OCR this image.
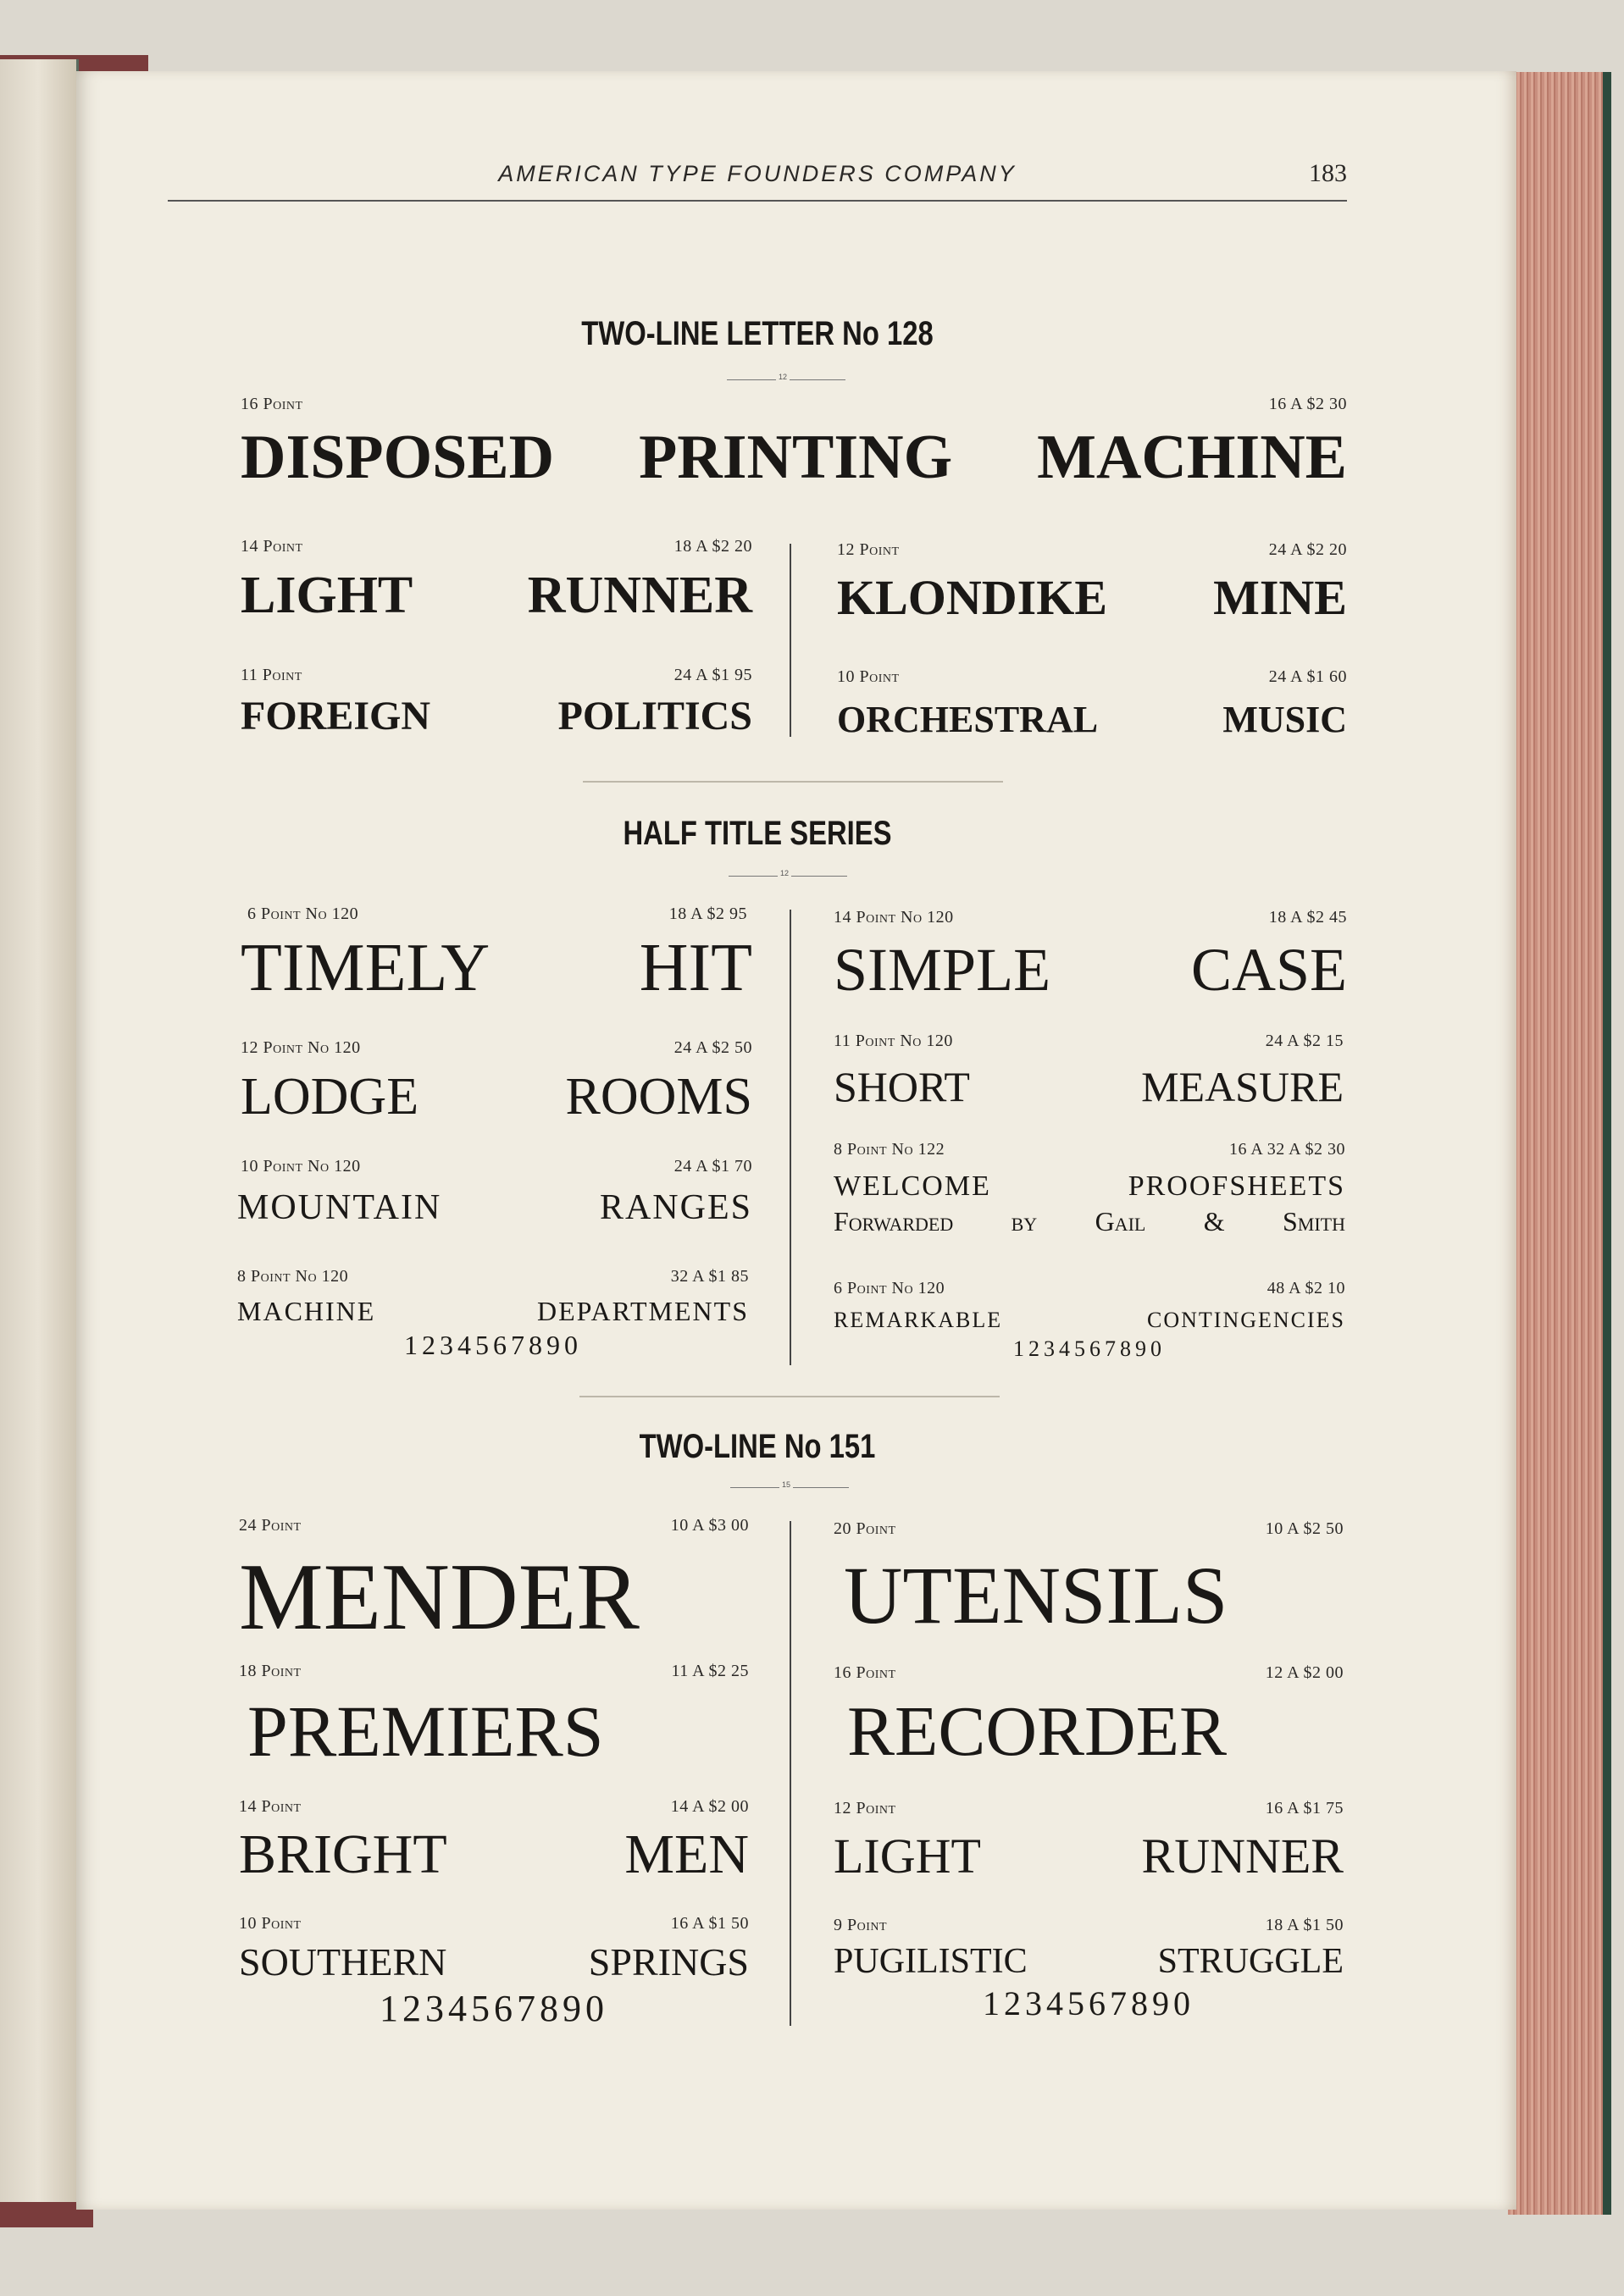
AMERICAN TYPE FOUNDERS COMPANY	183
TWO-LINE LETTER No 128
12
16 Point	16 A $2 30
DISPOSED PRINTING MACHINE
14 Point	18 A $2 20
LIGHT RUNNER
11 Point	24 A $1 95
FOREIGN POLITICS
12 Point	24 A $2 20
KLONDIKE MINE
10 Point	24 A $1 60
ORCHESTRAL MUSIC
HALF TITLE SERIES
12
6 Point No 120	18 A $2 95
TIMELY HIT
12 Point No 120	24 A $2 50
LODGE ROOMS
10 Point No 120	24 A $1 70
MOUNTAIN RANGES
8 Point No 120	32 A $1 85
MACHINE DEPARTMENTS
1234567890
14 Point No 120	18 A $2 45
SIMPLE CASE
11 Point No 120	24 A $2 15
SHORT MEASURE
8 Point No 122	16 A 32 A $2 30
WELCOME PROOFSHEETS
Forwarded by Gail & Smith
6 Point No 120	48 A $2 10
REMARKABLE CONTINGENCIES
1234567890
TWO-LINE No 151
15
24 Point	10 A $3 00
MENDER
18 Point	11 A $2 25
PREMIERS
14 Point	14 A $2 00
BRIGHT MEN
10 Point	16 A $1 50
SOUTHERN SPRINGS
1234567890
20 Point	10 A $2 50
UTENSILS
16 Point	12 A $2 00
RECORDER
12 Point	16 A $1 75
LIGHT RUNNER
9 Point	18 A $1 50
PUGILISTIC STRUGGLE
1234567890
